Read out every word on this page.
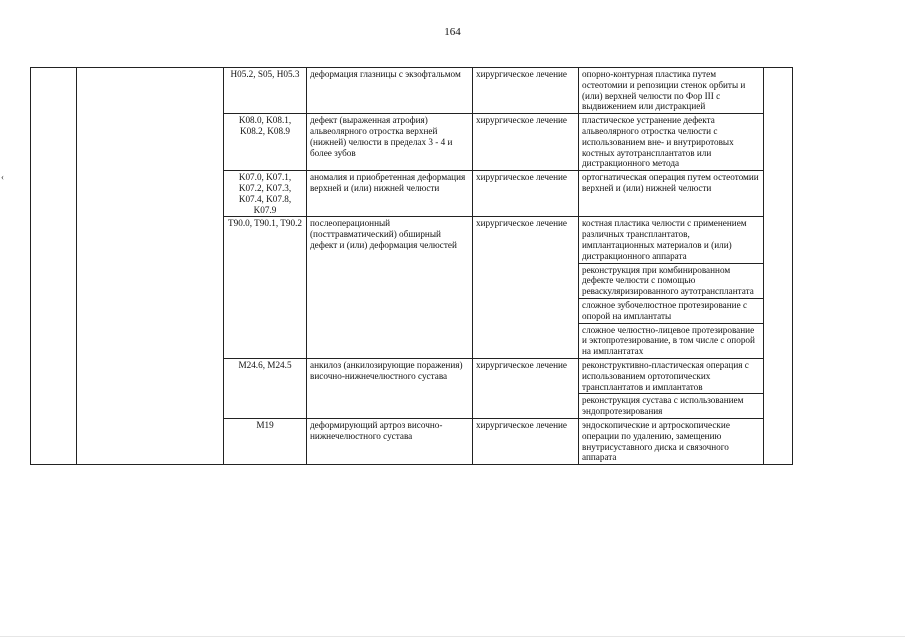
164
‹
		H05.2, S05, H05.3	деформация глазницы с экзофтальмом	хирургическое лечение	опорно-контурная пластика путем остеотомии и репозиции стенок орбиты и (или) верхней челюсти по Фор III с выдвижением или дистракцией	
		K08.0, K08.1, K08.2, K08.9	дефект (выраженная атрофия) альвеолярного отростка верхней (нижней) челюсти в пределах 3 - 4 и более зубов	хирургическое лечение	пластическое устранение дефекта альвеолярного отростка челюсти с использованием вне- и внутриротовых костных аутотрансплантатов или дистракционного метода	
		K07.0, K07.1, K07.2, K07.3, K07.4, K07.8, K07.9	аномалия и приобретенная деформация верхней и (или) нижней челюсти	хирургическое лечение	ортогнатическая операция путем остеотомии верхней и (или) нижней челюсти	
		T90.0, T90.1, T90.2	послеоперационный (посттравматический) обширный дефект и (или) деформация челюстей	хирургическое лечение	костная пластика челюсти с применением различных трансплантатов, имплантационных материалов и (или) дистракционного аппарата	
					реконструкция при комбинированном дефекте челюсти с помощью реваскуляризированного аутотрансплантата	
					сложное зубочелюстное протезирование с опорой на имплантаты	
					сложное челюстно-лицевое протезирование и эктопротезирование, в том числе с опорой на имплантатах	
		M24.6, M24.5	анкилоз (анкилозирующие поражения) височно-нижнечелюстного сустава	хирургическое лечение	реконструктивно-пластическая операция с использованием ортотопических трансплантатов и имплантатов	
					реконструкция сустава с использованием эндопротезирования	
		M19	деформирующий артроз височно-нижнечелюстного сустава	хирургическое лечение	эндоскопические и артроскопические операции по удалению, замещению внутрисуставного диска и связочного аппарата	
